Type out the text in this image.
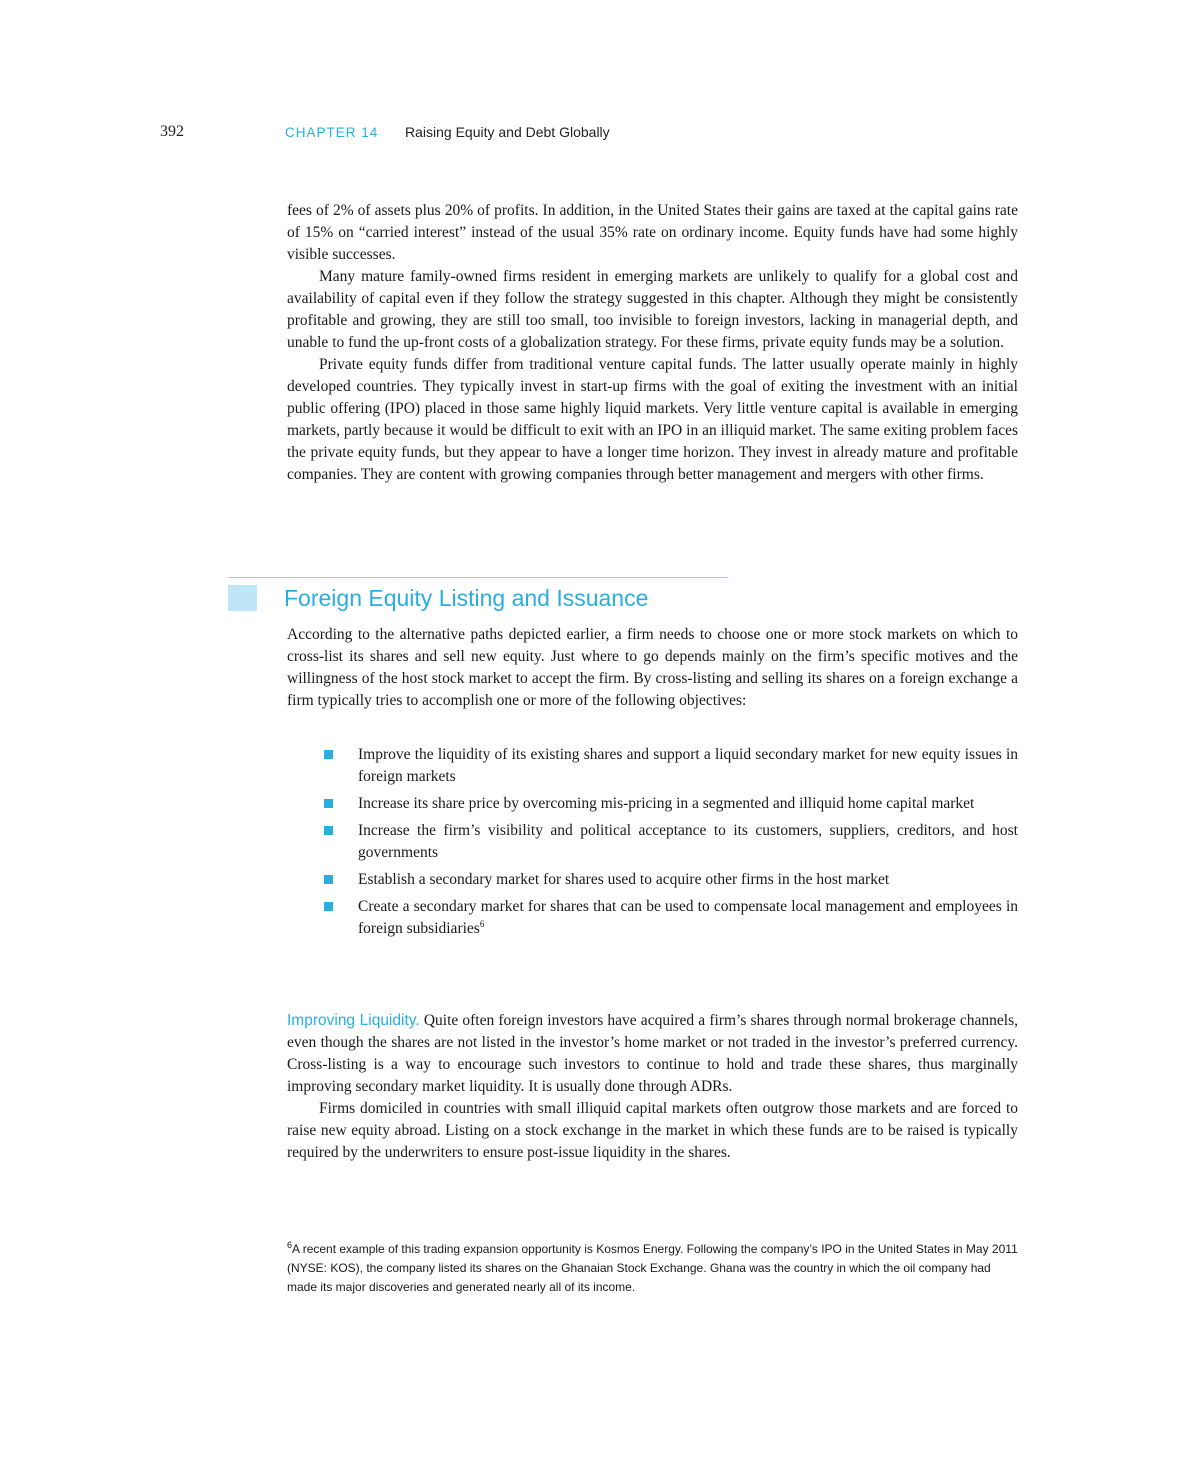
392	CHAPTER 14 Raising Equity and Debt Globally

fees of 2% of assets plus 20% of profits. In addition, in the United States their gains are taxed at the capital gains rate of 15% on “carried interest” instead of the usual 35% rate on ordinary income. Equity funds have had some highly visible successes.

Many mature family-owned firms resident in emerging markets are unlikely to qualify for a global cost and availability of capital even if they follow the strategy suggested in this chapter. Although they might be consistently profitable and growing, they are still too small, too invisible to foreign investors, lacking in managerial depth, and unable to fund the up-front costs of a globalization strategy. For these firms, private equity funds may be a solution.

Private equity funds differ from traditional venture capital funds. The latter usually operate mainly in highly developed countries. They typically invest in start-up firms with the goal of exiting the investment with an initial public offering (IPO) placed in those same highly liquid markets. Very little venture capital is available in emerging markets, partly because it would be difficult to exit with an IPO in an illiquid market. The same exiting problem faces the private equity funds, but they appear to have a longer time horizon. They invest in already mature and profitable companies. They are content with growing companies through better management and mergers with other firms.

Foreign Equity Listing and Issuance

According to the alternative paths depicted earlier, a firm needs to choose one or more stock markets on which to cross-list its shares and sell new equity. Just where to go depends mainly on the firm’s specific motives and the willingness of the host stock market to accept the firm. By cross-listing and selling its shares on a foreign exchange a firm typically tries to accomplish one or more of the following objectives:

Improve the liquidity of its existing shares and support a liquid secondary market for new equity issues in foreign markets
Increase its share price by overcoming mis-pricing in a segmented and illiquid home capital market
Increase the firm’s visibility and political acceptance to its customers, suppliers, creditors, and host governments
Establish a secondary market for shares used to acquire other firms in the host market
Create a secondary market for shares that can be used to compensate local management and employees in foreign subsidiaries$^6$

Improving Liquidity. Quite often foreign investors have acquired a firm’s shares through normal brokerage channels, even though the shares are not listed in the investor’s home market or not traded in the investor’s preferred currency. Cross-listing is a way to encourage such investors to continue to hold and trade these shares, thus marginally improving secondary market liquidity. It is usually done through ADRs.

Firms domiciled in countries with small illiquid capital markets often outgrow those markets and are forced to raise new equity abroad. Listing on a stock exchange in the market in which these funds are to be raised is typically required by the underwriters to ensure post-issue liquidity in the shares.

$^6$A recent example of this trading expansion opportunity is Kosmos Energy. Following the company’s IPO in the United States in May 2011 (NYSE: KOS), the company listed its shares on the Ghanaian Stock Exchange. Ghana was the country in which the oil company had made its major discoveries and generated nearly all of its income.
